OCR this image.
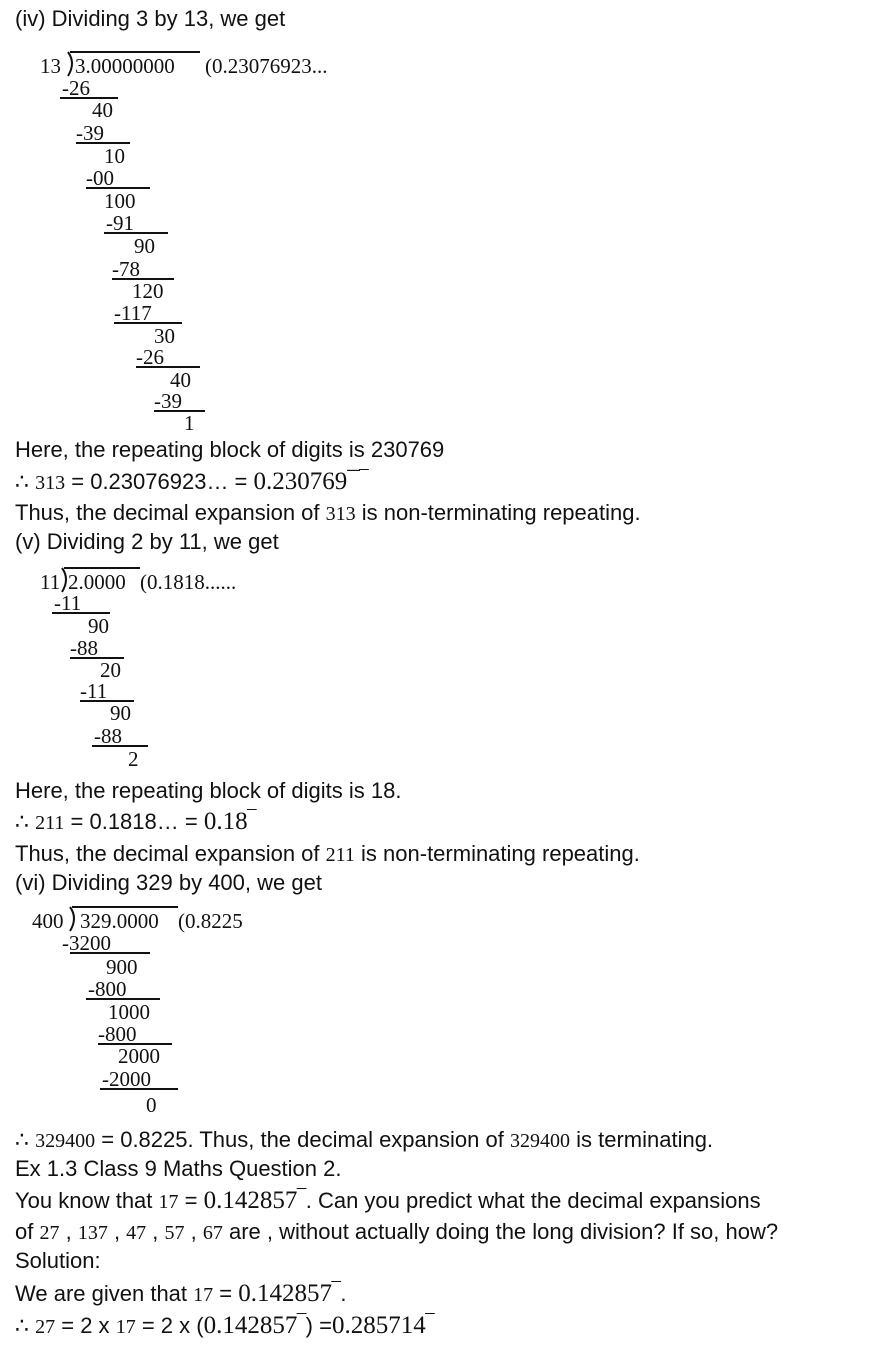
(iv) Dividing 3 by 13, we get
13 3.00000000 (0.23076923...
-26
40
-39
10
-00
100
-91
90
-78
120
-117
30
-26
40
-39
1
Here, the repeating block of digits is 230769
∴ 313 = 0.23076923… = 0.230769 ¯ ‾
Thus, the decimal expansion of 313 is non-terminating repeating.
(v) Dividing 2 by 11, we get
11 2.0000 (0.1818......
-11
90
-88
20
-11
90
-88
2
Here, the repeating block of digits is 18.
∴ 211 = 0.1818… = 0.18‾
Thus, the decimal expansion of 211 is non-terminating repeating.
(vi) Dividing 329 by 400, we get
400 329.0000 (0.8225
-3200
900
-800
1000
-800
2000
-2000
0
∴ 329400 = 0.8225. Thus, the decimal expansion of 329400 is terminating.
Ex 1.3 Class 9 Maths Question 2.
You know that 17 = 0.142857‾. Can you predict what the decimal expansions
of 27 , 137 , 47 , 57 , 67 are , without actually doing the long division? If so, how?
Solution:
We are given that 17 = 0.142857‾.
∴ 27 = 2 x 17 = 2 x (0.142857‾) =0.285714‾
